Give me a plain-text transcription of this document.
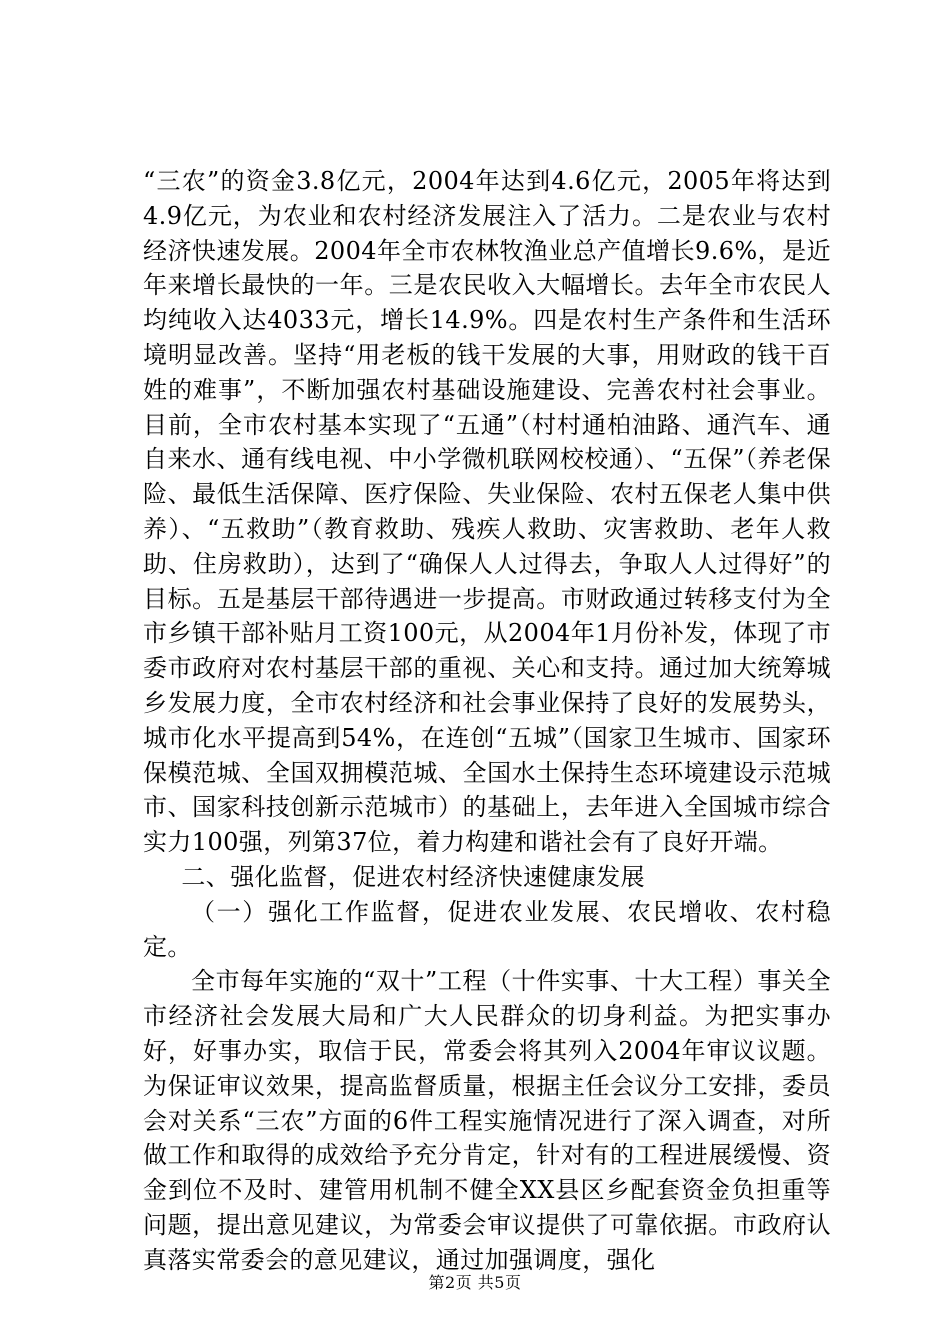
“三农”的资金3.8亿元，2004年达到4.6亿元，2005年将达到4.9亿元，为农业和农村经济发展注入了活力。二是农业与农村经济快速发展。2004年全市农林牧渔业总产值增长9.6%，是近年来增长最快的一年。三是农民收入大幅增长。去年全市农民人均纯收入达4033元，增长14.9%。四是农村生产条件和生活环境明显改善。坚持“用老板的钱干发展的大事，用财政的钱干百姓的难事”，不断加强农村基础设施建设、完善农村社会事业。目前，全市农村基本实现了“五通”（村村通柏油路、通汽车、通自来水、通有线电视、中小学微机联网校校通）、“五保”（养老保险、最低生活保障、医疗保险、失业保险、农村五保老人集中供养）、“五救助”（教育救助、残疾人救助、灾害救助、老年人救助、住房救助），达到了“确保人人过得去，争取人人过得好”的目标。五是基层干部待遇进一步提高。市财政通过转移支付为全市乡镇干部补贴月工资100元，从2004年1月份补发，体现了市委市政府对农村基层干部的重视、关心和支持。通过加大统筹城乡发展力度，全市农村经济和社会事业保持了良好的发展势头，城市化水平提高到54%，在连创“五城”（国家卫生城市、国家环保模范城、全国双拥模范城、全国水土保持生态环境建设示范城市、国家科技创新示范城市）的基础上，去年进入全国城市综合实力100强，列第37位，着力构建和谐社会有了良好开端。

二、强化监督，促进农村经济快速健康发展

（一）强化工作监督，促进农业发展、农民增收、农村稳定。

全市每年实施的“双十”工程（十件实事、十大工程）事关全市经济社会发展大局和广大人民群众的切身利益。为把实事办好，好事办实，取信于民，常委会将其列入2004年审议议题。为保证审议效果，提高监督质量，根据主任会议分工安排，委员会对关系“三农”方面的6件工程实施情况进行了深入调查，对所做工作和取得的成效给予充分肯定，针对有的工程进展缓慢、资金到位不及时、建管用机制不健全XX县区乡配套资金负担重等问题，提出意见建议，为常委会审议提供了可靠依据。市政府认真落实常委会的意见建议，通过加强调度，强化

第2页 共5页
